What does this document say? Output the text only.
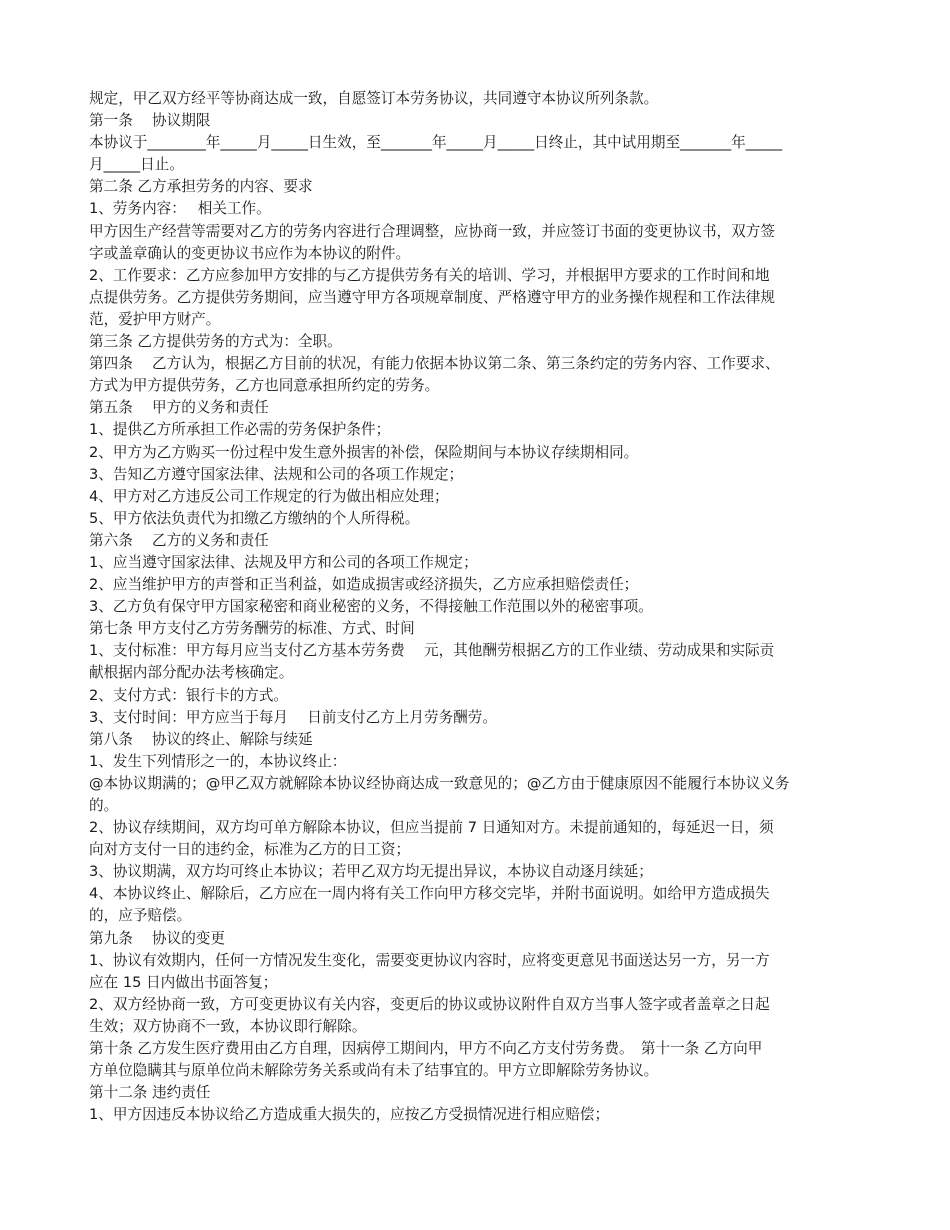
规定，甲乙双方经平等协商达成一致，自愿签订本劳务协议，共同遵守本协议所列条款。
第一条　 协议期限
本协议于________年_____月_____日生效，至_______年_____月_____日终止，其中试用期至_______年_____
月_____日止。
第二条 乙方承担劳务的内容、要求
1、劳务内容：　 相关工作。
甲方因生产经营等需要对乙方的劳务内容进行合理调整，应协商一致，并应签订书面的变更协议书，双方签
字或盖章确认的变更协议书应作为本协议的附件。
2、工作要求：乙方应参加甲方安排的与乙方提供劳务有关的培训、学习，并根据甲方要求的工作时间和地
点提供劳务。乙方提供劳务期间，应当遵守甲方各项规章制度、严格遵守甲方的业务操作规程和工作法律规
范，爱护甲方财产。
第三条 乙方提供劳务的方式为：全职。
第四条　 乙方认为，根据乙方目前的状况，有能力依据本协议第二条、第三条约定的劳务内容、工作要求、
方式为甲方提供劳务，乙方也同意承担所约定的劳务。
第五条　 甲方的义务和责任
1、提供乙方所承担工作必需的劳务保护条件；
2、甲方为乙方购买一份过程中发生意外损害的补偿，保险期间与本协议存续期相同。
3、告知乙方遵守国家法律、法规和公司的各项工作规定；
4、甲方对乙方违反公司工作规定的行为做出相应处理；
5、甲方依法负责代为扣缴乙方缴纳的个人所得税。
第六条　 乙方的义务和责任
1、应当遵守国家法律、法规及甲方和公司的各项工作规定；
2、应当维护甲方的声誉和正当利益，如造成损害或经济损失，乙方应承担赔偿责任；
3、乙方负有保守甲方国家秘密和商业秘密的义务，不得接触工作范围以外的秘密事项。
第七条 甲方支付乙方劳务酬劳的标准、方式、时间
1、支付标准：甲方每月应当支付乙方基本劳务费　 元，其他酬劳根据乙方的工作业绩、劳动成果和实际贡
献根据内部分配办法考核确定。
2、支付方式：银行卡的方式。
3、支付时间：甲方应当于每月　 日前支付乙方上月劳务酬劳。
第八条　 协议的终止、解除与续延
1、发生下列情形之一的，本协议终止：
@本协议期满的；@甲乙双方就解除本协议经协商达成一致意见的；@乙方由于健康原因不能履行本协议义务
的。
2、协议存续期间，双方均可单方解除本协议，但应当提前 7 日通知对方。未提前通知的，每延迟一日，须
向对方支付一日的违约金，标准为乙方的日工资；
3、协议期满，双方均可终止本协议；若甲乙双方均无提出异议，本协议自动逐月续延；
4、本协议终止、解除后，乙方应在一周内将有关工作向甲方移交完毕，并附书面说明。如给甲方造成损失
的，应予赔偿。
第九条　 协议的变更
1、协议有效期内，任何一方情况发生变化，需要变更协议内容时，应将变更意见书面送达另一方，另一方
应在 15 日内做出书面答复；
2、双方经协商一致，方可变更协议有关内容，变更后的协议或协议附件自双方当事人签字或者盖章之日起
生效；双方协商不一致，本协议即行解除。
第十条 乙方发生医疗费用由乙方自理，因病停工期间内，甲方不向乙方支付劳务费。　第十一条 乙方向甲
方单位隐瞒其与原单位尚未解除劳务关系或尚有未了结事宜的。甲方立即解除劳务协议。
第十二条 违约责任
1、甲方因违反本协议给乙方造成重大损失的，应按乙方受损情况进行相应赔偿；
